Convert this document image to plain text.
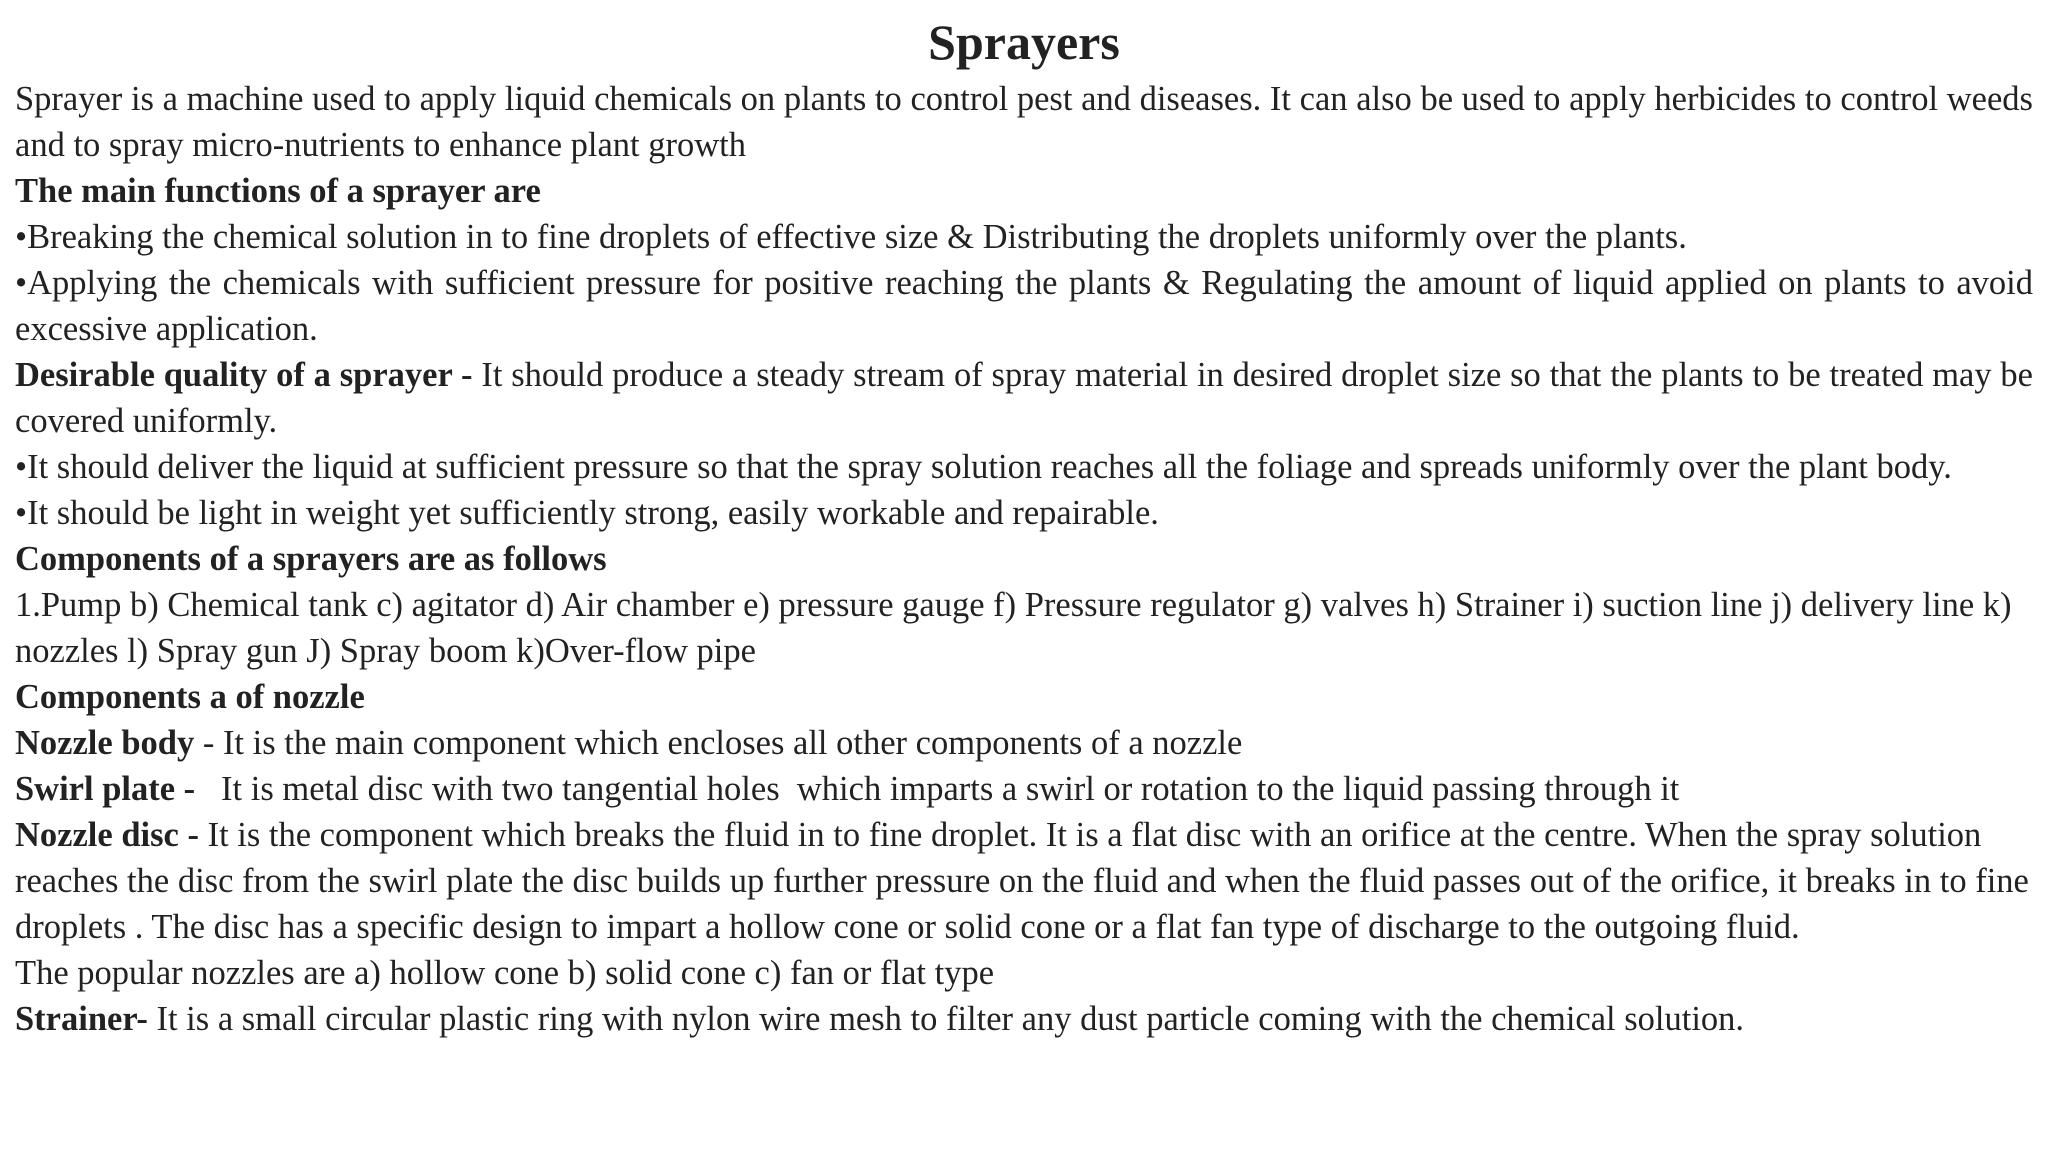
Sprayers

Sprayer is a machine used to apply liquid chemicals on plants to control pest and diseases. It can also be used to apply herbicides to control weeds and to spray micro-nutrients to enhance plant growth

The main functions of a sprayer are

•Breaking the chemical solution in to fine droplets of effective size & Distributing the droplets uniformly over the plants.

•Applying the chemicals with sufficient pressure for positive reaching the plants & Regulating the amount of liquid applied on plants to avoid excessive application.

Desirable quality of a sprayer - It should produce a steady stream of spray material in desired droplet size so that the plants to be treated may be covered uniformly.

•It should deliver the liquid at sufficient pressure so that the spray solution reaches all the foliage and spreads uniformly over the plant body.

•It should be light in weight yet sufficiently strong, easily workable and repairable.

Components of a sprayers are as follows

1.Pump b) Chemical tank c) agitator d) Air chamber e) pressure gauge f) Pressure regulator g) valves h) Strainer i) suction line j) delivery line k) nozzles l) Spray gun J) Spray boom k)Over-flow pipe

Components a of nozzle

Nozzle body - It is the main component which encloses all other components of a nozzle

Swirl plate -   It is metal disc with two tangential holes  which imparts a swirl or rotation to the liquid passing through it

Nozzle disc - It is the component which breaks the fluid in to fine droplet. It is a flat disc with an orifice at the centre. When the spray solution reaches the disc from the swirl plate the disc builds up further pressure on the fluid and when the fluid passes out of the orifice, it breaks in to fine droplets . The disc has a specific design to impart a hollow cone or solid cone or a flat fan type of discharge to the outgoing fluid.

The popular nozzles are a) hollow cone b) solid cone c) fan or flat type

Strainer- It is a small circular plastic ring with nylon wire mesh to filter any dust particle coming with the chemical solution.
